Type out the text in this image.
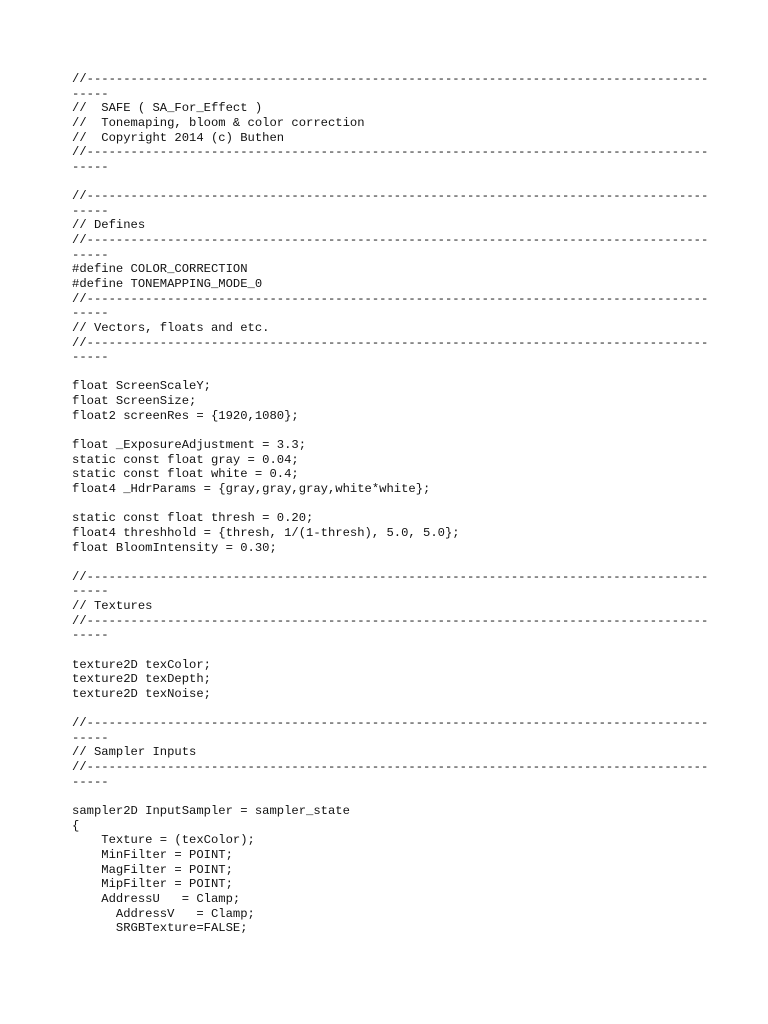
//-------------------------------------------------------------------------------------
-----
//  SAFE ( SA_For_Effect )
//  Tonemaping, bloom & color correction
//  Copyright 2014 (c) Buthen
//-------------------------------------------------------------------------------------
-----
//-------------------------------------------------------------------------------------
-----
// Defines
//-------------------------------------------------------------------------------------
-----
#define COLOR_CORRECTION
#define TONEMAPPING_MODE_0
//-------------------------------------------------------------------------------------
-----
// Vectors, floats and etc.
//-------------------------------------------------------------------------------------
-----
float ScreenScaleY;
float ScreenSize;
float2 screenRes = {1920,1080};
float _ExposureAdjustment = 3.3;
static const float gray = 0.04;
static const float white = 0.4;
float4 _HdrParams = {gray,gray,gray,white*white};
static const float thresh = 0.20;
float4 threshhold = {thresh, 1/(1-thresh), 5.0, 5.0};
float BloomIntensity = 0.30;
//-------------------------------------------------------------------------------------
-----
// Textures
//-------------------------------------------------------------------------------------
-----
texture2D texColor;
texture2D texDepth;
texture2D texNoise;
//-------------------------------------------------------------------------------------
-----
// Sampler Inputs
//-------------------------------------------------------------------------------------
-----
sampler2D InputSampler = sampler_state
{
Texture = (texColor);
MinFilter = POINT;
MagFilter = POINT;
MipFilter = POINT;
AddressU   = Clamp;
AddressV   = Clamp;
SRGBTexture=FALSE;
